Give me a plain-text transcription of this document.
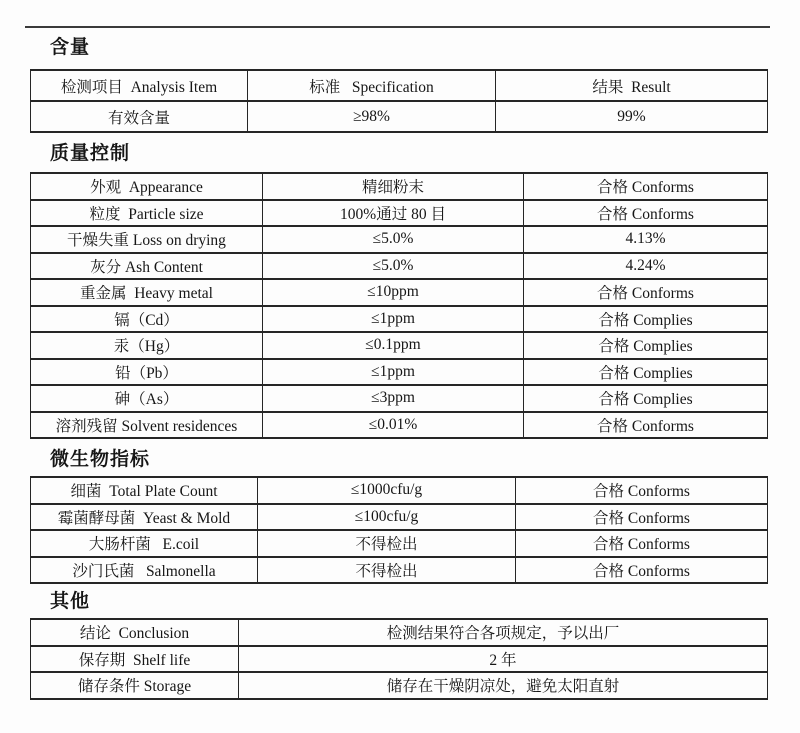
含量
检测项目  Analysis Item	标准   Specification	结果  Result
有效含量	≥98%	99%
质量控制
外观  Appearance	精细粉末	合格 Conforms
粒度  Particle size	100%通过 80 目	合格 Conforms
干燥失重 Loss on drying	≤5.0%	4.13%
灰分 Ash Content	≤5.0%	4.24%
重金属  Heavy metal	≤10ppm	合格 Conforms
镉（Cd）	≤1ppm	合格 Complies
汞（Hg）	≤0.1ppm	合格 Complies
铅（Pb）	≤1ppm	合格 Complies
砷（As）	≤3ppm	合格 Complies
溶剂残留 Solvent residences	≤0.01%	合格 Conforms
微生物指标
细菌  Total Plate Count	≤1000cfu/g	合格 Conforms
霉菌酵母菌  Yeast & Mold	≤100cfu/g	合格 Conforms
大肠杆菌   E.coil	不得检出	合格 Conforms
沙门氏菌   Salmonella	不得检出	合格 Conforms
其他
结论  Conclusion	检测结果符合各项规定，予以出厂
保存期  Shelf life	2 年
储存条件 Storage	储存在干燥阴凉处，避免太阳直射
